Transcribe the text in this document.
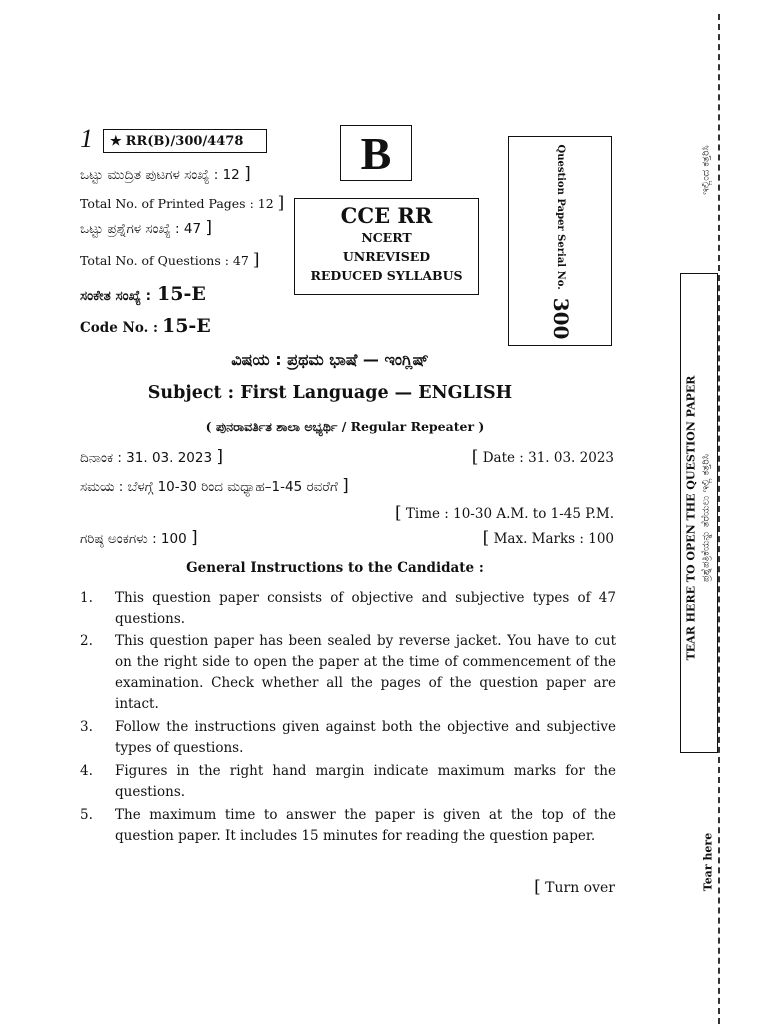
1	★ RR(B)/300/4478
ಒಟ್ಟು ಮುದ್ರಿತ ಪುಟಗಳ ಸಂಖ್ಯೆ : 12 ]
Total No. of Printed Pages : 12 ]
ಒಟ್ಟು ಪ್ರಶ್ನೆಗಳ ಸಂಖ್ಯೆ : 47 ]
Total No. of Questions : 47 ]
ಸಂಕೇತ ಸಂಖ್ಯೆ : 15-E
Code No. : 15-E
B
CCE RR
NCERT
UNREVISED
REDUCED SYLLABUS	Question Paper Serial No.
300
ವಿಷಯ : ಪ್ರಥಮ ಭಾಷೆ — ಇಂಗ್ಲಿಷ್
Subject : First Language — ENGLISH
( ಪುನರಾವರ್ತಿತ ಶಾಲಾ ಅಭ್ಯರ್ಥಿ / Regular Repeater )
ದಿನಾಂಕ : 31. 03. 2023 ]	[ Date : 31. 03. 2023
ಸಮಯ : ಬೆಳಗ್ಗೆ 10-30 ರಿಂದ ಮಧ್ಯಾಹ–1-45 ರವರೆಗೆ ]
[ Time : 10-30 A.M. to 1-45 P.M.
ಗರಿಷ್ಠ ಅಂಕಗಳು : 100 ]	[ Max. Marks : 100
General Instructions to the Candidate :
1. This question paper consists of objective and subjective types of 47 questions.
2. This question paper has been sealed by reverse jacket. You have to cut on the right side to open the paper at the time of commencement of the examination. Check whether all the pages of the question paper are intact.
3. Follow the instructions given against both the objective and subjective types of questions.
4. Figures in the right hand margin indicate maximum marks for the questions.
5. The maximum time to answer the paper is given at the top of the question paper. It includes 15 minutes for reading the question paper.
[ Turn over
TEAR HERE TO OPEN THE QUESTION PAPER ಪ್ರಶ್ನೆಪತ್ರಿಕೆಯನ್ನು ತೆರೆಯಲು ಇಲ್ಲಿ ಕತ್ತರಿಸಿ
ಇಲ್ಲಿಂದ ಕತ್ತರಿಸಿ
Tear here
